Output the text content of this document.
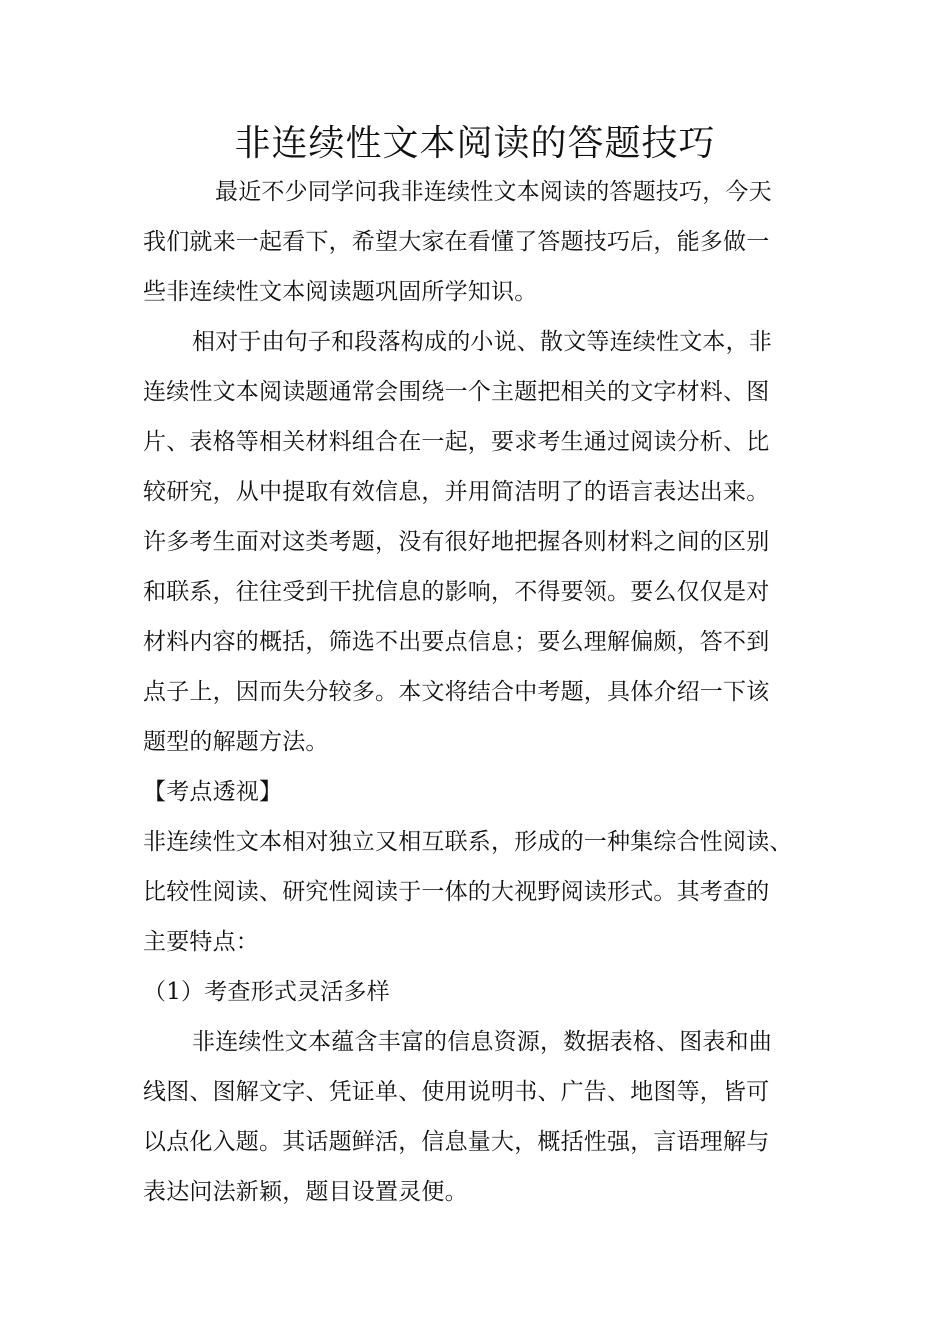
非连续性文本阅读的答题技巧
最近不少同学问我非连续性文本阅读的答题技巧，今天
我们就来一起看下，希望大家在看懂了答题技巧后，能多做一
些非连续性文本阅读题巩固所学知识。
相对于由句子和段落构成的小说、散文等连续性文本，非
连续性文本阅读题通常会围绕一个主题把相关的文字材料、图
片、表格等相关材料组合在一起，要求考生通过阅读分析、比
较研究，从中提取有效信息，并用简洁明了的语言表达出来。
许多考生面对这类考题，没有很好地把握各则材料之间的区别
和联系，往往受到干扰信息的影响，不得要领。要么仅仅是对
材料内容的概括，筛选不出要点信息；要么理解偏颇，答不到
点子上，因而失分较多。本文将结合中考题，具体介绍一下该
题型的解题方法。
【考点透视】
非连续性文本相对独立又相互联系，形成的一种集综合性阅读、
比较性阅读、研究性阅读于一体的大视野阅读形式。其考查的
主要特点：
（1）考查形式灵活多样
非连续性文本蕴含丰富的信息资源，数据表格、图表和曲
线图、图解文字、凭证单、使用说明书、广告、地图等，皆可
以点化入题。其话题鲜活，信息量大，概括性强，言语理解与
表达问法新颖，题目设置灵便。
